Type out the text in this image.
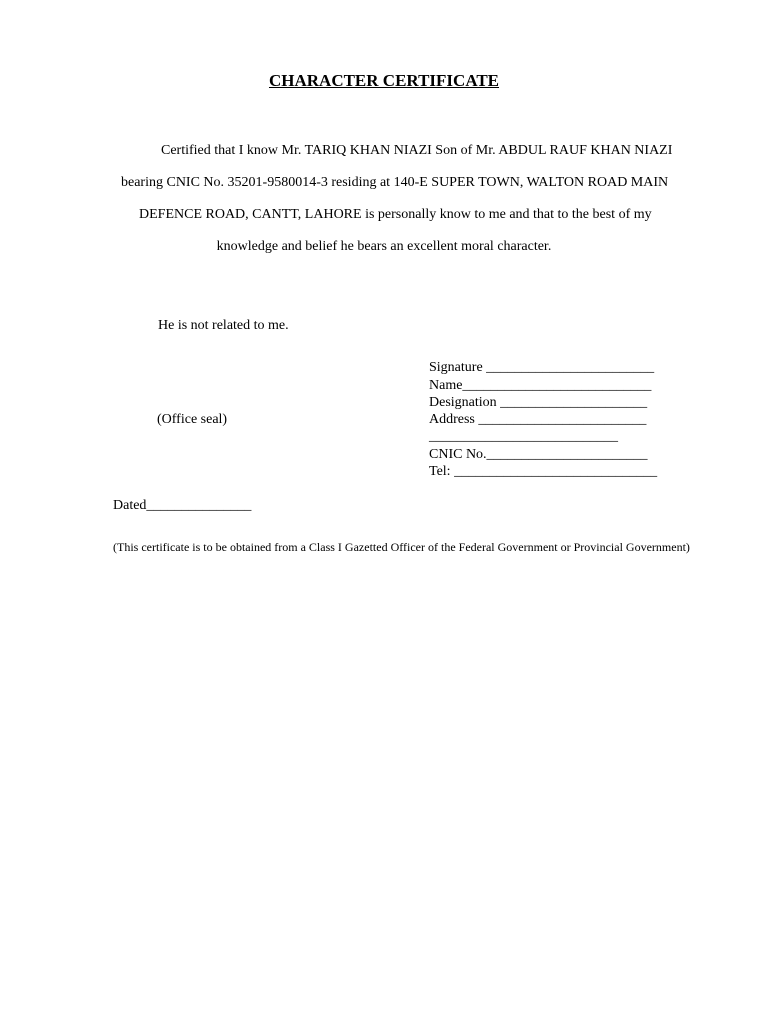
CHARACTER CERTIFICATE
Certified that I know Mr. TARIQ KHAN NIAZI Son of Mr. ABDUL RAUF KHAN NIAZI
bearing CNIC No. 35201-9580014-3 residing at 140-E SUPER TOWN, WALTON ROAD MAIN
DEFENCE ROAD, CANTT, LAHORE is personally know to me and that to the best of my
knowledge and belief he bears an excellent moral character.
He is not related to me.
Signature ________________________
Name___________________________
Designation _____________________
Address ________________________
___________________________
CNIC No._______________________
Tel: _____________________________
(Office seal)
Dated_______________
(This certificate is to be obtained from a Class I Gazetted Officer of the Federal Government or Provincial Government)
